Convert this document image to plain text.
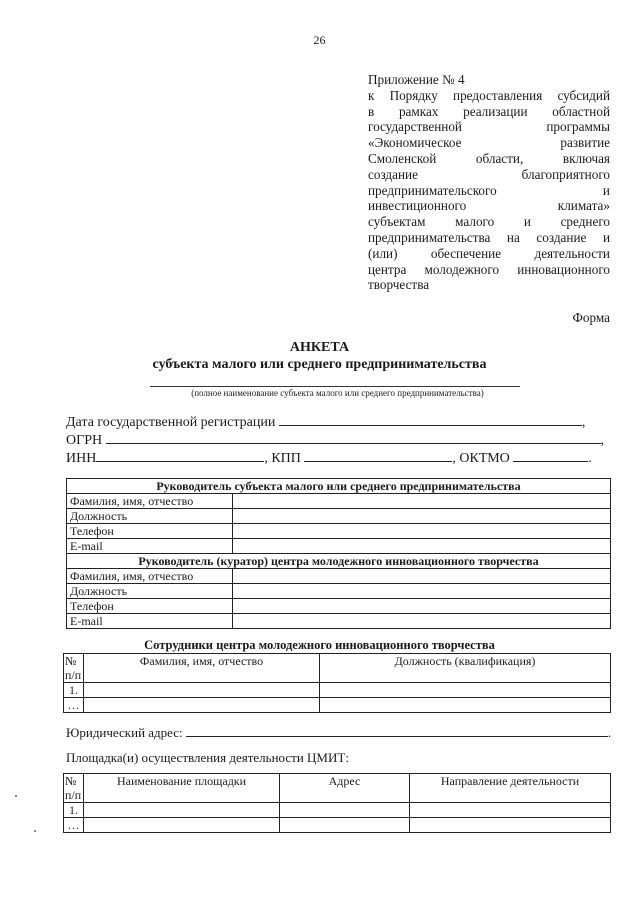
26
Приложение № 4
к Порядку предоставления субсидий
в рамках реализации областной
государственной программы
«Экономическое развитие
Смоленской области, включая
создание благоприятного
предпринимательского и
инвестиционного климата»
субъектам малого и среднего
предпринимательства на создание и
(или) обеспечение деятельности
центра молодежного инновационного
творчества
Форма
АНКЕТА
субъекта малого или среднего предпринимательства
(полное наименование субъекта малого или среднего предпринимательства)
Дата государственной регистрации	,
ОГРН	,
ИНН	, КПП	, ОКТМО	.
Руководитель субъекта малого или среднего предпринимательства	
Фамилия, имя, отчество	
Должность	
Телефон	
E-mail	
Руководитель (куратор) центра молодежного инновационного творчества	
Фамилия, имя, отчество	
Должность	
Телефон	
E-mail	
Сотрудники центра молодежного инновационного творчества
№ п/п	Фамилия, имя, отчество	Должность (квалификация)
1.		
…		
Юридический адрес:	.
Площадка(и) осуществления деятельности ЦМИТ:
№ п/п	Наименование площадки	Адрес	Направление деятельности
1.			
…			
